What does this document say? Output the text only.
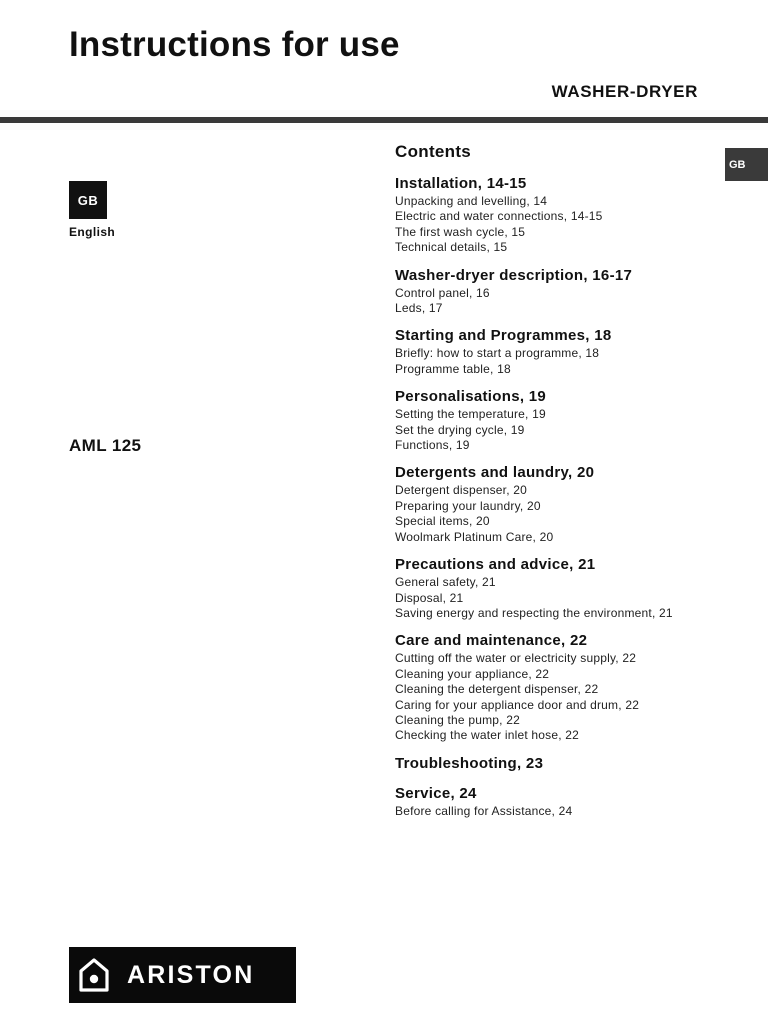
Instructions for use
WASHER-DRYER
GB
GB
English
AML 125
Contents
Installation, 14-15
Unpacking and levelling, 14
Electric and water connections, 14-15
The first wash cycle, 15
Technical details, 15
Washer-dryer description, 16-17
Control panel, 16
Leds, 17
Starting and Programmes, 18
Briefly: how to start a programme, 18
Programme table, 18
Personalisations, 19
Setting the temperature, 19
Set the drying cycle, 19
Functions, 19
Detergents and laundry, 20
Detergent dispenser, 20
Preparing your laundry, 20
Special items, 20
Woolmark Platinum Care, 20
Precautions and advice, 21
General safety, 21
Disposal, 21
Saving energy and respecting the environment, 21
Care and maintenance, 22
Cutting off the water or electricity supply, 22
Cleaning your appliance, 22
Cleaning the detergent dispenser, 22
Caring for your appliance door and drum, 22
Cleaning the pump, 22
Checking the water inlet hose, 22
Troubleshooting, 23
Service, 24
Before calling for Assistance, 24
ARISTON
